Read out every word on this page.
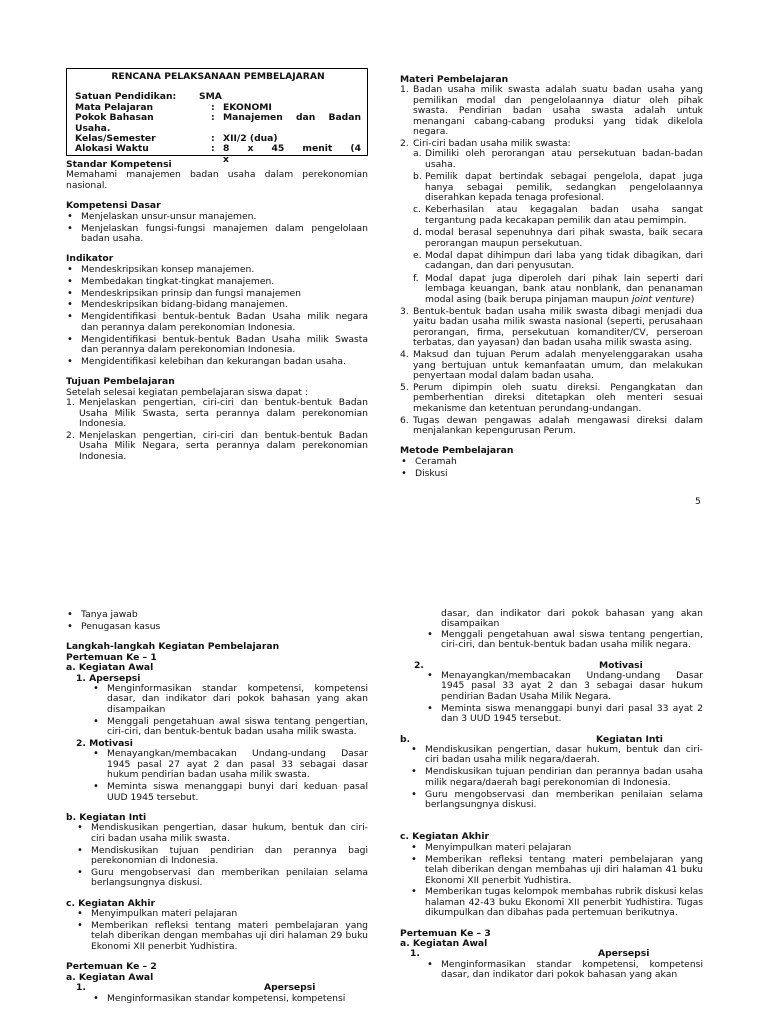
RENCANA PELAKSANAAN PEMBELAJARAN

Satuan Pendidikan:	SMA
Mata Pelajaran	: EKONOMI
Pokok Bahasan	: Manajemen dan Badan
Usaha.
Kelas/Semester	: XII/2 (dua)
Alokasi Waktu	: 8 x 45 menit (4 x

Standar Kompetensi

Memahami manajemen badan usaha dalam perekonomian nasional.

Kompetensi Dasar

• Menjelaskan unsur-unsur manajemen.
• Menjelaskan fungsi-fungsi manajemen dalam pengelolaan badan usaha.

Indikator

• Mendeskripsikan konsep manajemen.
• Membedakan tingkat-tingkat manajemen.
• Mendeskripsikan prinsip dan fungsi manajemen
• Mendeskripsikan bidang-bidang manajemen.
• Mengidentifikasi bentuk-bentuk Badan Usaha milik negara dan perannya dalam perekonomian Indonesia.
• Mengidentifikasi bentuk-bentuk Badan Usaha milik Swasta dan perannya dalam perekonomian Indonesia.
• Mengidentifikasi kelebihan dan kekurangan badan usaha.

Tujuan Pembelajaran

Setelah selesai kegiatan pembelajaran siswa dapat :

1. Menjelaskan pengertian, ciri-ciri dan bentuk-bentuk Badan Usaha Milik Swasta, serta perannya dalam perekonomian Indonesia.
2. Menjelaskan pengertian, ciri-ciri dan bentuk-bentuk Badan Usaha Milik Negara, serta perannya dalam perekonomian Indonesia.

Materi Pembelajaran

1. Badan usaha milik swasta adalah suatu badan usaha yang pemilikan modal dan pengelolaannya diatur oleh pihak swasta. Pendirian badan usaha swasta adalah untuk menangani cabang-cabang produksi yang tidak dikelola negara.
2. Ciri-ciri badan usaha milik swasta:
a. Dimiliki oleh perorangan atau persekutuan badan-badan usaha.
b. Pemilik dapat bertindak sebagai pengelola, dapat juga hanya sebagai pemilik, sedangkan pengelolaannya diserahkan kepada tenaga profesional.
c. Keberhasilan atau kegagalan badan usaha sangat tergantung pada kecakapan pemilik dan atau pemimpin.
d. modal berasal sepenuhnya dari pihak swasta, baik secara perorangan maupun persekutuan.
e. Modal dapat dihimpun dari laba yang tidak dibagikan, dari cadangan, dan dari penyusutan.
f. Modal dapat juga diperoleh dari pihak lain seperti dari lembaga keuangan, bank atau nonblank, dan penanaman modal asing (baik berupa pinjaman maupun joint venture)
3. Bentuk-bentuk badan usaha milik swasta dibagi menjadi dua yaitu badan usaha milik swasta nasional (seperti, perusahaan perorangan, firma, persekutuan komanditer/CV, perseroan terbatas, dan yayasan) dan badan usaha milik swasta asing.
4. Maksud dan tujuan Perum adalah menyelenggarakan usaha yang bertujuan untuk kemanfaatan umum, dan melakukan penyertaan modal dalam badan usaha.
5. Perum dipimpin oleh suatu direksi. Pengangkatan dan pemberhentian direksi ditetapkan oleh menteri sesuai mekanisme dan ketentuan perundang-undangan.
6. Tugas dewan pengawas adalah mengawasi direksi dalam menjalankan kepengurusan Perum.

Metode Pembelajaran

• Ceramah
• Diskusi
5
• Tanya jawab
• Penugasan kasus

Langkah-langkah Kegiatan Pembelajaran

Pertemuan Ke – 1

a. Kegiatan Awal

1. Apersepsi

• Menginformasikan standar kompetensi, kompetensi dasar, dan indikator dari pokok bahasan yang akan disampaikan
• Menggali pengetahuan awal siswa tentang pengertian, ciri-ciri, dan bentuk-bentuk badan usaha milik swasta.

2. Motivasi

• Menayangkan/membacakan Undang-undang Dasar 1945 pasal 27 ayat 2 dan pasal 33 sebagai dasar hukum pendirian badan usaha milik swasta.
• Meminta siswa menanggapi bunyi dari keduan pasal UUD 1945 tersebut.

b. Kegiatan Inti

• Mendiskusikan pengertian, dasar hukum, bentuk dan ciri-ciri badan usaha milik swasta.
• Mendiskusikan tujuan pendirian dan perannya bagi perekonomian di Indonesia.
• Guru mengobservasi dan memberikan penilaian selama berlangsungnya diskusi.

c. Kegiatan Akhir

• Menyimpulkan materi pelajaran
• Memberikan refleksi tentang materi pembelajaran yang telah diberikan dengan membahas uji diri halaman 29 buku Ekonomi XII penerbit Yudhistira.

Pertemuan Ke – 2

a. Kegiatan Awal

1.	Apersepsi

• Menginformasikan standar kompetensi, kompetensi

dasar, dan indikator dari pokok bahasan yang akan disampaikan

• Menggali pengetahuan awal siswa tentang pengertian, ciri-ciri, dan bentuk-bentuk badan usaha milik negara.

2.	Motivasi

• Menayangkan/membacakan Undang-undang Dasar 1945 pasal 33 ayat 2 dan 3 sebagai dasar hukum pendirian Badan Usaha Milik Negara.
• Meminta siswa menanggapi bunyi dari pasal 33 ayat 2 dan 3 UUD 1945 tersebut.

b.	Kegiatan Inti

• Mendiskusikan pengertian, dasar hukum, bentuk dan ciri-ciri badan usaha milik negara/daerah.
• Mendiskusikan tujuan pendirian dan perannya badan usaha milik negara/daerah bagi perekonomian di Indonesia.
• Guru mengobservasi dan memberikan penilaian selama berlangsungnya diskusi.

c. Kegiatan Akhir

• Menyimpulkan materi pelajaran
• Memberikan refleksi tentang materi pembelajaran yang telah diberikan dengan membahas uji diri halaman 41 buku Ekonomi XII penerbit Yudhistira.
• Memberikan tugas kelompok membahas rubrik diskusi kelas halaman 42-43 buku Ekonomi XII penerbit Yudhistira. Tugas dikumpulkan dan dibahas pada pertemuan berikutnya.

Pertemuan Ke – 3

a. Kegiatan Awal

1.	Apersepsi

• Menginformasikan standar kompetensi, kompetensi dasar, dan indikator dari pokok bahasan yang akan
